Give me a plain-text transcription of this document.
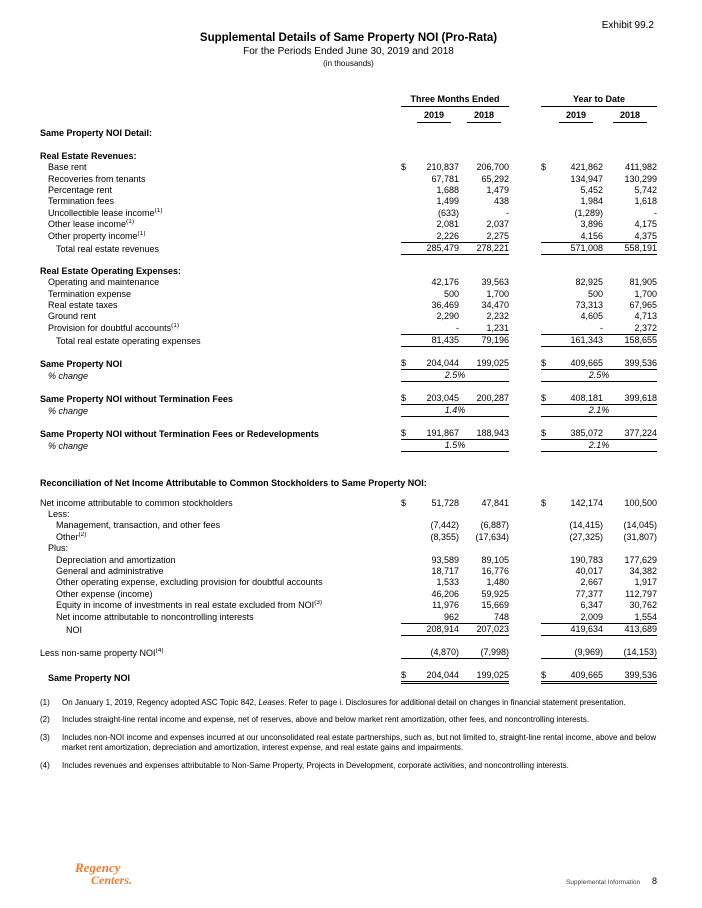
Exhibit 99.2
Supplemental Details of Same Property NOI (Pro-Rata)
For the Periods Ended June 30, 2019 and 2018
(in thousands)
Three Months Ended	Year to Date
2019	2018	2019	2018
Same Property NOI Detail:
Real Estate Revenues:
Base rent	$	210,837	206,700	$	421,862	411,982
Recoveries from tenants	67,781	65,292	134,947	130,299
Percentage rent	1,688	1,479	5,452	5,742
Termination fees	1,499	438	1,984	1,618
Uncollectible lease income$^{(1)}$	(633)	-	(1,289)	-
Other lease income$^{(1)}$	2,081	2,037	3,896	4,175
Other property income$^{(1)}$	2,226	2,275	4,156	4,375
Total real estate revenues	285,479	278,221	571,008	558,191
Real Estate Operating Expenses:
Operating and maintenance	42,176	39,563	82,925	81,905
Termination expense	500	1,700	500	1,700
Real estate taxes	36,469	34,470	73,313	67,965
Ground rent	2,290	2,232	4,605	4,713
Provision for doubtful accounts$^{(1)}$	-	1,231	-	2,372
Total real estate operating expenses	81,435	79,196	161,343	158,655
Same Property NOI	$	204,044	199,025	$	409,665	399,536
% change	2.5%	2.5%
Same Property NOI without Termination Fees	$	203,045	200,287	$	408,181	399,618
% change	1.4%	2.1%
Same Property NOI without Termination Fees or Redevelopments	$	191,867	188,943	$	385,072	377,224
% change	1.5%	2.1%
Reconciliation of Net Income Attributable to Common Stockholders to Same Property NOI:
Net income attributable to common stockholders	$	51,728	47,841	$	142,174	100,500
Less:
Management, transaction, and other fees	(7,442)	(6,887)	(14,415)	(14,045)
Other$^{(2)}$	(8,355)	(17,634)	(27,325)	(31,807)
Plus:
Depreciation and amortization	93,589	89,105	190,783	177,629
General and administrative	18,717	16,776	40,017	34,382
Other operating expense, excluding provision for doubtful accounts	1,533	1,480	2,667	1,917
Other expense (income)	46,206	59,925	77,377	112,797
Equity in income of investments in real estate excluded from NOI$^{(3)}$	11,976	15,669	6,347	30,762
Net income attributable to noncontrolling interests	962	748	2,009	1,554
NOI	208,914	207,023	419,634	413,689
Less non-same property NOI$^{(4)}$	(4,870)	(7,998)	(9,969)	(14,153)
Same Property NOI	$	204,044	199,025	$	409,665	399,536
(1)	On January 1, 2019, Regency adopted ASC Topic 842, Leases. Refer to page i. Disclosures for additional detail on changes in financial statement presentation.
(2)	Includes straight-line rental income and expense, net of reserves, above and below market rent amortization, other fees, and noncontrolling interests.
(3)	Includes non-NOI income and expenses incurred at our unconsolidated real estate partnerships, such as, but not limited to, straight-line rental income, above and below market rent amortization, depreciation and amortization, interest expense, and real estate gains and impairments.
(4)	Includes revenues and expenses attributable to Non-Same Property, Projects in Development, corporate activities, and noncontrolling interests.
Regency
Centers.	Supplemental Information 8
